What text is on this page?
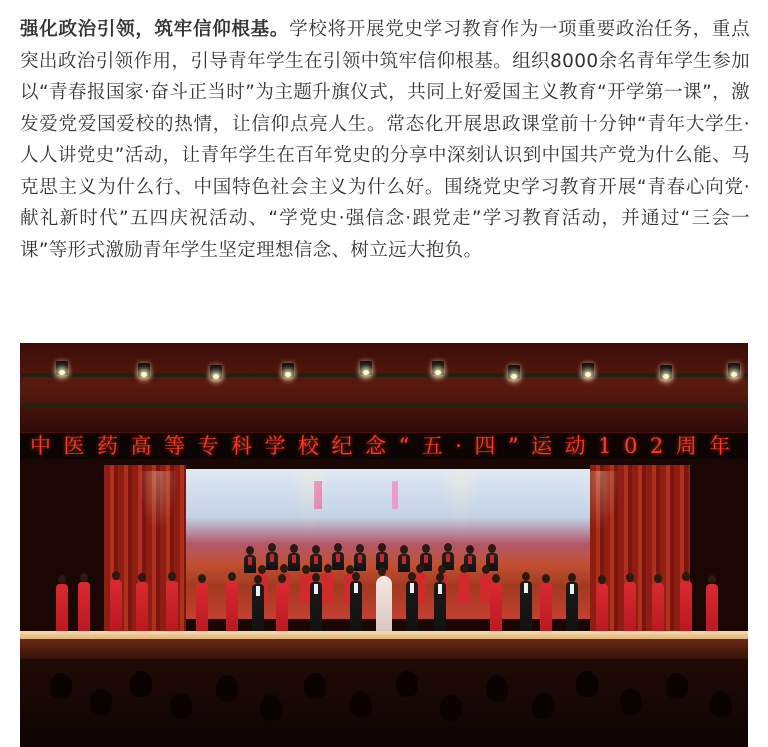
强化政治引领，筑牢信仰根基。学校将开展党史学习教育作为一项重要政治任务，重点突出政治引领作用，引导青年学生在引领中筑牢信仰根基。组织8000余名青年学生参加以“青春报国家·奋斗正当时”为主题升旗仪式，共同上好爱国主义教育“开学第一课”，激发爱党爱国爱校的热情，让信仰点亮人生。常态化开展思政课堂前十分钟“青年大学生·人人讲党史”活动，让青年学生在百年党史的分享中深刻认识到中国共产党为什么能、马克思主义为什么行、中国特色社会主义为什么好。围绕党史学习教育开展“青春心向党·献礼新时代”五四庆祝活动、“学党史·强信念·跟党走”学习教育活动，并通过“三会一课”等形式激励青年学生坚定理想信念、树立远大抱负。
中医药高等专科学校纪念“五·四”运动102周年
